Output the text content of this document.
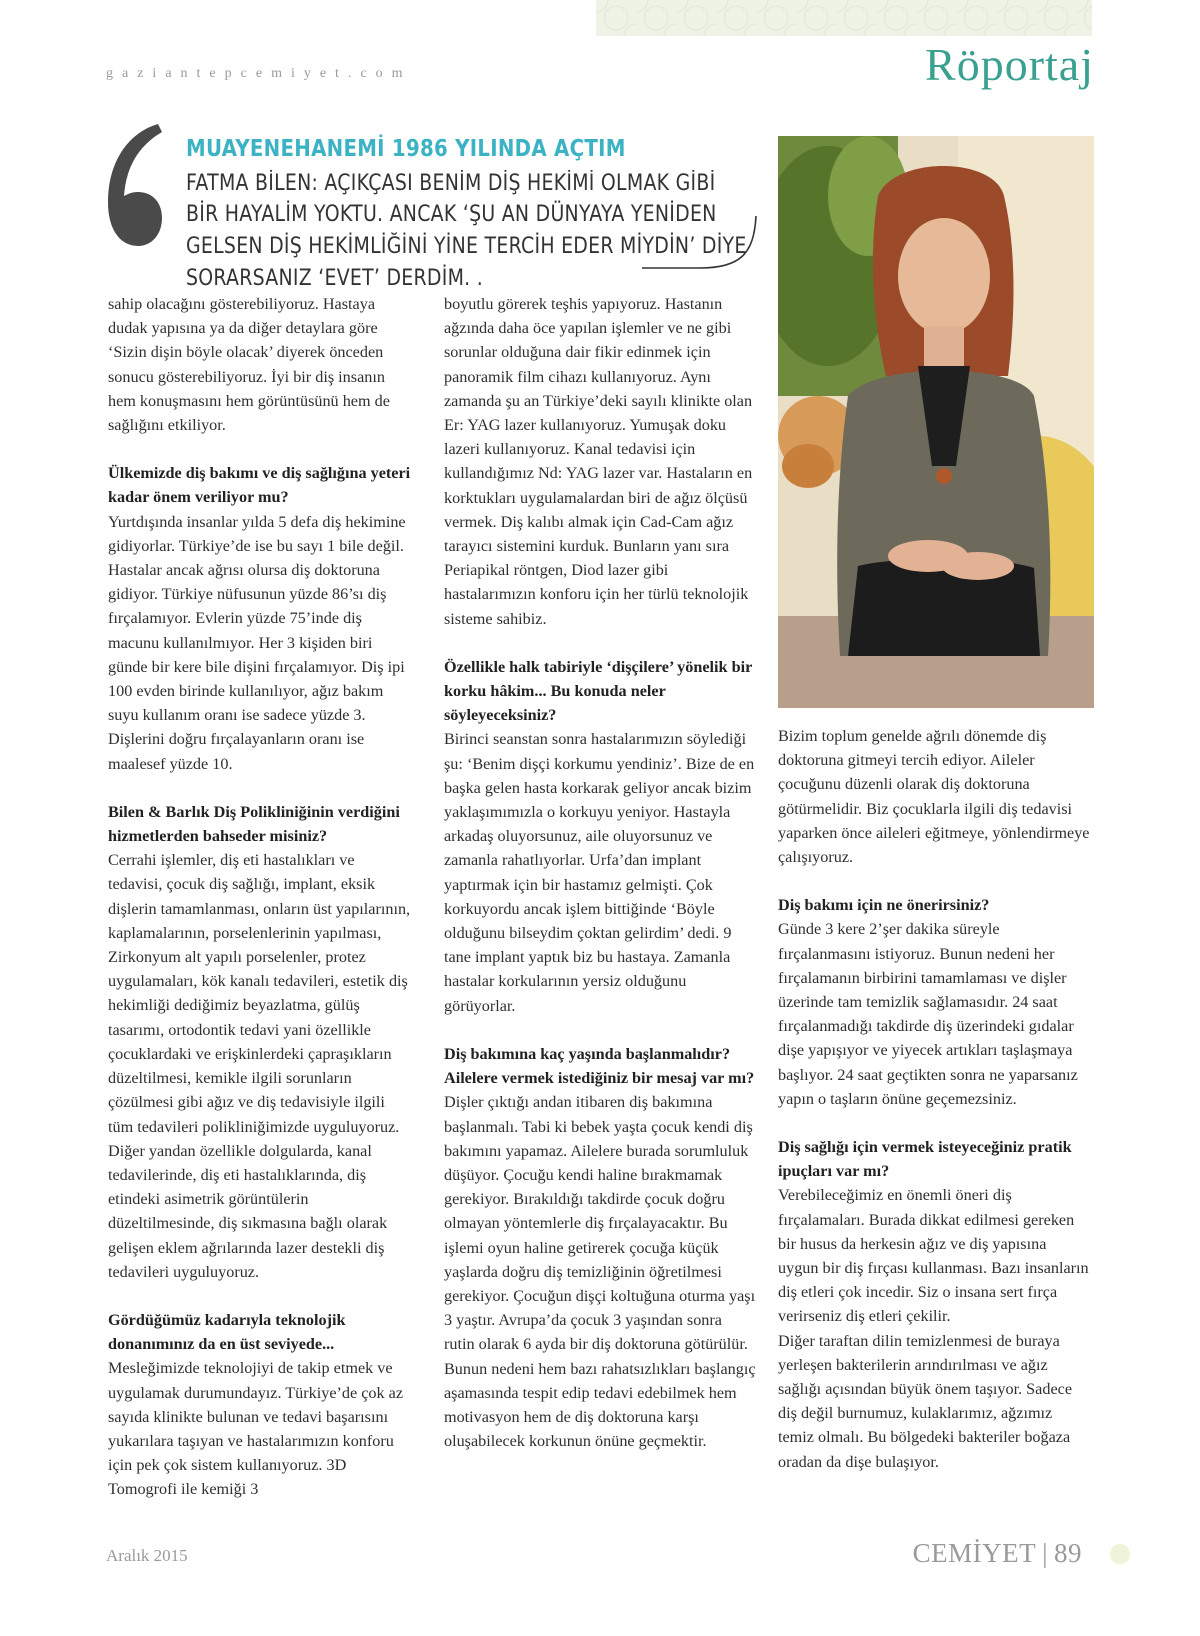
gaziantepcemiyet.com	Röportaj
MUAYENEHANEMİ 1986 YILINDA AÇTIM
FATMA BİLEN: AÇIKÇASI BENİM DİŞ HEKİMİ OLMAK GİBİ BİR HAYALİM YOKTU. ANCAK ‘ŞU AN DÜNYAYA YENİDEN GELSEN DİŞ HEKİMLİĞİNİ YİNE TERCİH EDER MİYDİN’ DİYE SORARSANIZ ‘EVET’ DERDİM. .

sahip olacağını gösterebiliyoruz. Hastaya dudak yapısına ya da diğer detaylara göre ‘Sizin dişin böyle olacak’ diyerek önceden sonucu gösterebiliyoruz. İyi bir diş insanın hem konuşmasını hem görüntüsünü hem de sağlığını etkiliyor.

Ülkemizde diş bakımı ve diş sağlığına yeteri kadar önem veriliyor mu?

Yurtdışında insanlar yılda 5 defa diş hekimine gidiyorlar. Türkiye’de ise bu sayı 1 bile değil. Hastalar ancak ağrısı olursa diş doktoruna gidiyor. Türkiye nüfusunun yüzde 86’sı diş fırçalamıyor. Evlerin yüzde 75’inde diş macunu kullanılmıyor. Her 3 kişiden biri günde bir kere bile dişini fırçalamıyor. Diş ipi 100 evden birinde kullanılıyor, ağız bakım suyu kullanım oranı ise sadece yüzde 3. Dişlerini doğru fırçalayanların oranı ise maalesef yüzde 10.

Bilen & Barlık Diş Polikliniğinin verdiğini hizmetlerden bahseder misiniz?

Cerrahi işlemler, diş eti hastalıkları ve tedavisi, çocuk diş sağlığı, implant, eksik dişlerin tamamlanması, onların üst yapılarının, kaplamalarının, porselenlerinin yapılması, Zirkonyum alt yapılı porselenler, protez uygulamaları, kök kanalı tedavileri, estetik diş hekimliği dediğimiz beyazlatma, gülüş tasarımı, ortodontik tedavi yani özellikle çocuklardaki ve erişkinlerdeki çapraşıkların düzeltilmesi, kemikle ilgili sorunların çözülmesi gibi ağız ve diş tedavisiyle ilgili tüm tedavileri polikliniğimizde uyguluyoruz.

Diğer yandan özellikle dolgularda, kanal tedavilerinde, diş eti hastalıklarında, diş etindeki asimetrik görüntülerin düzeltilmesinde, diş sıkmasına bağlı olarak gelişen eklem ağrılarında lazer destekli diş tedavileri uyguluyoruz.

Gördüğümüz kadarıyla teknolojik donanımınız da en üst seviyede...

Mesleğimizde teknolojiyi de takip etmek ve uygulamak durumundayız. Türkiye’de çok az sayıda klinikte bulunan ve tedavi başarısını yukarılara taşıyan ve hastalarımızın konforu için pek çok sistem kullanıyoruz. 3D Tomogrofi ile kemiği 3

boyutlu görerek teşhis yapıyoruz. Hastanın ağzında daha öce yapılan işlemler ve ne gibi sorunlar olduğuna dair fikir edinmek için panoramik film cihazı kullanıyoruz. Aynı zamanda şu an Türkiye’deki sayılı klinikte olan Er: YAG lazer kullanıyoruz. Yumuşak doku lazeri kullanıyoruz. Kanal tedavisi için kullandığımız Nd: YAG lazer var. Hastaların en korktukları uygulamalardan biri de ağız ölçüsü vermek. Diş kalıbı almak için Cad-Cam ağız tarayıcı sistemini kurduk. Bunların yanı sıra Periapikal röntgen, Diod lazer gibi hastalarımızın konforu için her türlü teknolojik sisteme sahibiz.

Özellikle halk tabiriyle ‘dişçilere’ yönelik bir korku hâkim... Bu konuda neler söyleyeceksiniz?

Birinci seanstan sonra hastalarımızın söylediği şu: ‘Benim dişçi korkumu yendiniz’. Bize de en başka gelen hasta korkarak geliyor ancak bizim yaklaşımımızla o korkuyu yeniyor. Hastayla arkadaş oluyorsunuz, aile oluyorsunuz ve zamanla rahatlıyorlar. Urfa’dan implant yaptırmak için bir hastamız gelmişti. Çok korkuyordu ancak işlem bittiğinde ‘Böyle olduğunu bilseydim çoktan gelirdim’ dedi. 9 tane implant yaptık biz bu hastaya. Zamanla hastalar korkularının yersiz olduğunu görüyorlar.

Diş bakımına kaç yaşında başlanmalıdır? Ailelere vermek istediğiniz bir mesaj var mı?

Dişler çıktığı andan itibaren diş bakımına başlanmalı. Tabi ki bebek yaşta çocuk kendi diş bakımını yapamaz. Ailelere burada sorumluluk düşüyor. Çocuğu kendi haline bırakmamak gerekiyor. Bırakıldığı takdirde çocuk doğru olmayan yöntemlerle diş fırçalayacaktır. Bu işlemi oyun haline getirerek çocuğa küçük yaşlarda doğru diş temizliğinin öğretilmesi gerekiyor. Çocuğun dişçi koltuğuna oturma yaşı 3 yaştır. Avrupa’da çocuk 3 yaşından sonra rutin olarak 6 ayda bir diş doktoruna götürülür. Bunun nedeni hem bazı rahatsızlıkları başlangıç aşamasında tespit edip tedavi edebilmek hem motivasyon hem de diş doktoruna karşı oluşabilecek korkunun önüne geçmektir.

Bizim toplum genelde ağrılı dönemde diş doktoruna gitmeyi tercih ediyor. Aileler çocuğunu düzenli olarak diş doktoruna götürmelidir. Biz çocuklarla ilgili diş tedavisi yaparken önce aileleri eğitmeye, yönlendirmeye çalışıyoruz.

Diş bakımı için ne önerirsiniz?

Günde 3 kere 2’şer dakika süreyle fırçalanmasını istiyoruz. Bunun nedeni her fırçalamanın birbirini tamamlaması ve dişler üzerinde tam temizlik sağlamasıdır. 24 saat fırçalanmadığı takdirde diş üzerindeki gıdalar dişe yapışıyor ve yiyecek artıkları taşlaşmaya başlıyor. 24 saat geçtikten sonra ne yaparsanız yapın o taşların önüne geçemezsiniz.

Diş sağlığı için vermek isteyeceğiniz pratik ipuçları var mı?

Verebileceğimiz en önemli öneri diş fırçalamaları. Burada dikkat edilmesi gereken bir husus da herkesin ağız ve diş yapısına uygun bir diş fırçası kullanması. Bazı insanların diş etleri çok incedir. Siz o insana sert fırça verirseniz diş etleri çekilir.

Diğer taraftan dilin temizlenmesi de buraya yerleşen bakterilerin arındırılması ve ağız sağlığı açısından büyük önem taşıyor. Sadece diş değil burnumuz, kulaklarımız, ağzımız temiz olmalı. Bu bölgedeki bakteriler boğaza oradan da dişe bulaşıyor.

Aralık 2015	CEMİYET | 89
